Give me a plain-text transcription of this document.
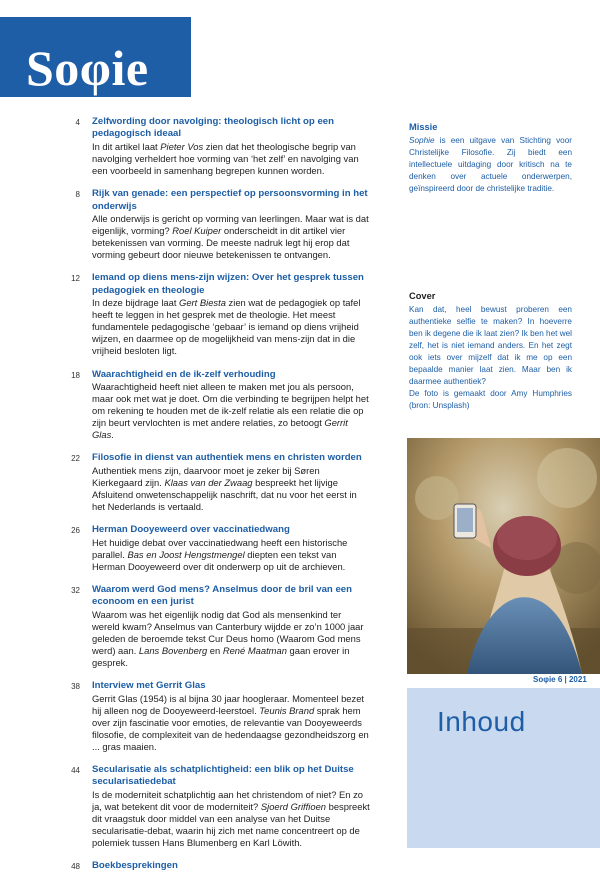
Soφie
4 Zelfwording door navolging: theologisch licht op een pedagogisch ideaal
In dit artikel laat Pieter Vos zien dat het theologische begrip van navolging verheldert hoe vorming van ‘het zelf’ en navolging van een voorbeeld in samenhang begrepen kunnen worden.
8 Rijk van genade: een perspectief op persoonsvorming in het onderwijs
Alle onderwijs is gericht op vorming van leerlingen. Maar wat is dat eigenlijk, vorming? Roel Kuiper onderscheidt in dit artikel vier betekenissen van vorming. De meeste nadruk legt hij erop dat vorming gebeurt door nieuwe betekenissen te ontvangen.
12 Iemand op diens mens-zijn wijzen: Over het gesprek tussen pedagogiek en theologie
In deze bijdrage laat Gert Biesta zien wat de pedagogiek op tafel heeft te leggen in het gesprek met de theologie. Het meest fundamentele pedagogische ‘gebaar’ is iemand op diens vrijheid wijzen, en daarmee op de mogelijkheid van mens-zijn dat in die vrijheid besloten ligt.
18 Waarachtigheid en de ik-zelf verhouding
Waarachtigheid heeft niet alleen te maken met jou als persoon, maar ook met wat je doet. Om die verbinding te begrijpen helpt het om rekening te houden met de ik-zelf relatie als een relatie die op zijn beurt vervlochten is met andere relaties, zo betoogt Gerrit Glas.
22 Filosofie in dienst van authentiek mens en christen worden
Authentiek mens zijn, daarvoor moet je zeker bij Søren Kierkegaard zijn. Klaas van der Zwaag bespreekt het lijvige Afsluitend onwetenschappelijk naschrift, dat nu voor het eerst in het Nederlands is vertaald.
26 Herman Dooyeweerd over vaccinatiedwang
Het huidige debat over vaccinatiedwang heeft een historische parallel. Bas en Joost Hengstmengel diepten een tekst van Herman Dooyeweerd over dit onderwerp op uit de archieven.
32 Waarom werd God mens? Anselmus door de bril van een econoom en een jurist
Waarom was het eigenlijk nodig dat God als mensenkind ter wereld kwam? Anselmus van Canterbury wijdde er zo’n 1000 jaar geleden de beroemde tekst Cur Deus homo (Waarom God mens werd) aan. Lans Bovenberg en René Maatman gaan erover in gesprek.
38 Interview met Gerrit Glas
Gerrit Glas (1954) is al bijna 30 jaar hoogleraar. Momenteel bezet hij alleen nog de Dooyeweerd-leerstoel. Teunis Brand sprak hem over zijn fascinatie voor emoties, de relevantie van Dooyeweerds filosofie, de complexiteit van de hedendaagse gezondheidszorg en ... gras maaien.
44 Secularisatie als schatplichtigheid: een blik op het Duitse secularisatiedebat
Is de moderniteit schatplichtig aan het christendom of niet? En zo ja, wat betekent dit voor de moderniteit? Sjoerd Griffioen bespreekt dit vraagstuk door middel van een analyse van het Duitse secularisatie-debat, waarin hij zich met name concentreert op de polemiek tussen Hans Blumenberg en Karl Löwith.
48 Boekbesprekingen
Missie
Sophie is een uitgave van Stichting voor Christelijke Filosofie. Zij biedt een intellectuele uitdaging door kritisch na te denken over actuele onderwerpen, geïnspireerd door de christelijke traditie.
Cover
Kan dat, heel bewust proberen een authentieke selfie te maken? In hoeverre ben ik degene die ik laat zien? Ik ben het wel zelf, het is niet iemand anders. En het zegt ook iets over mijzelf dat ik me op een bepaalde manier laat zien. Maar ben ik daarmee authentiek?
De foto is gemaakt door Amy Humphries (bron: Unsplash)
Soφie 6 | 2021
Inhoud
